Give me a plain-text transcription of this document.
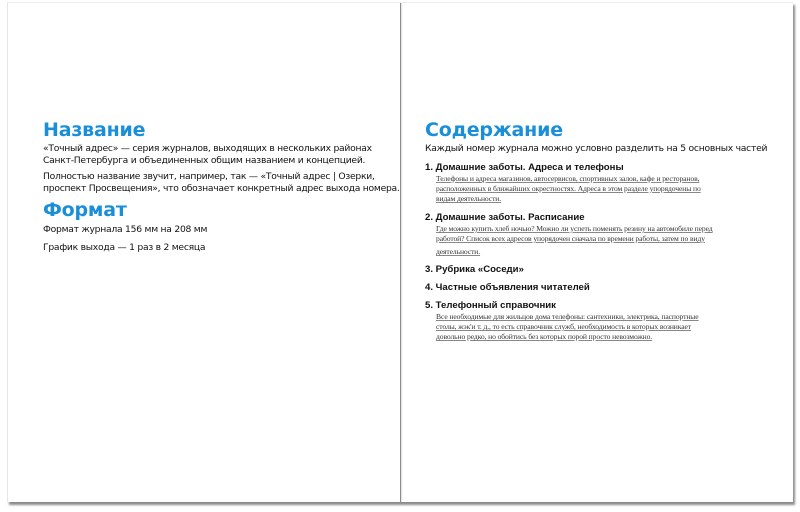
Название

«Точный адрес» — серия журналов, выходящих в нескольких районах

Санкт-Петербурга и объединенных общим названием и концепцией.

Полностью название звучит, например, так — «Точный адрес | Озерки,

проспект Просвещения», что обозначает конкретный адрес выхода номера.

Формат

Формат журнала 156 мм на 208 мм

График выхода — 1 раз в 2 месяца

Содержание

Каждый номер журнала можно условно разделить на 5 основных частей

1. Домашние заботы. Адреса и телефоны

Телефоны и адреса магазинов, автосервисов, спортивных залов, кафе и ресторанов,

расположенных в ближайших окрестностях. Адреса в этом разделе упорядочены по

видам деятельности.

2. Домашние заботы. Расписание

Где можно купить хлеб ночью? Можно ли успеть поменять резину на автомобиле перед

работой? Список всех адресов упорядочен сначала по времени работы, затем по виду

деятельности.

3. Рубрика «Соседи»

4. Частные объявления читателей

5. Телефонный справочник

Все необходимые для жильцов дома телефоны: сантехники, электрика, паспортные

столы, жэк'и т. д., то есть справочник служб, необходимость в которых возникает

довольно редко, но обойтись без которых порой просто невозможно.
